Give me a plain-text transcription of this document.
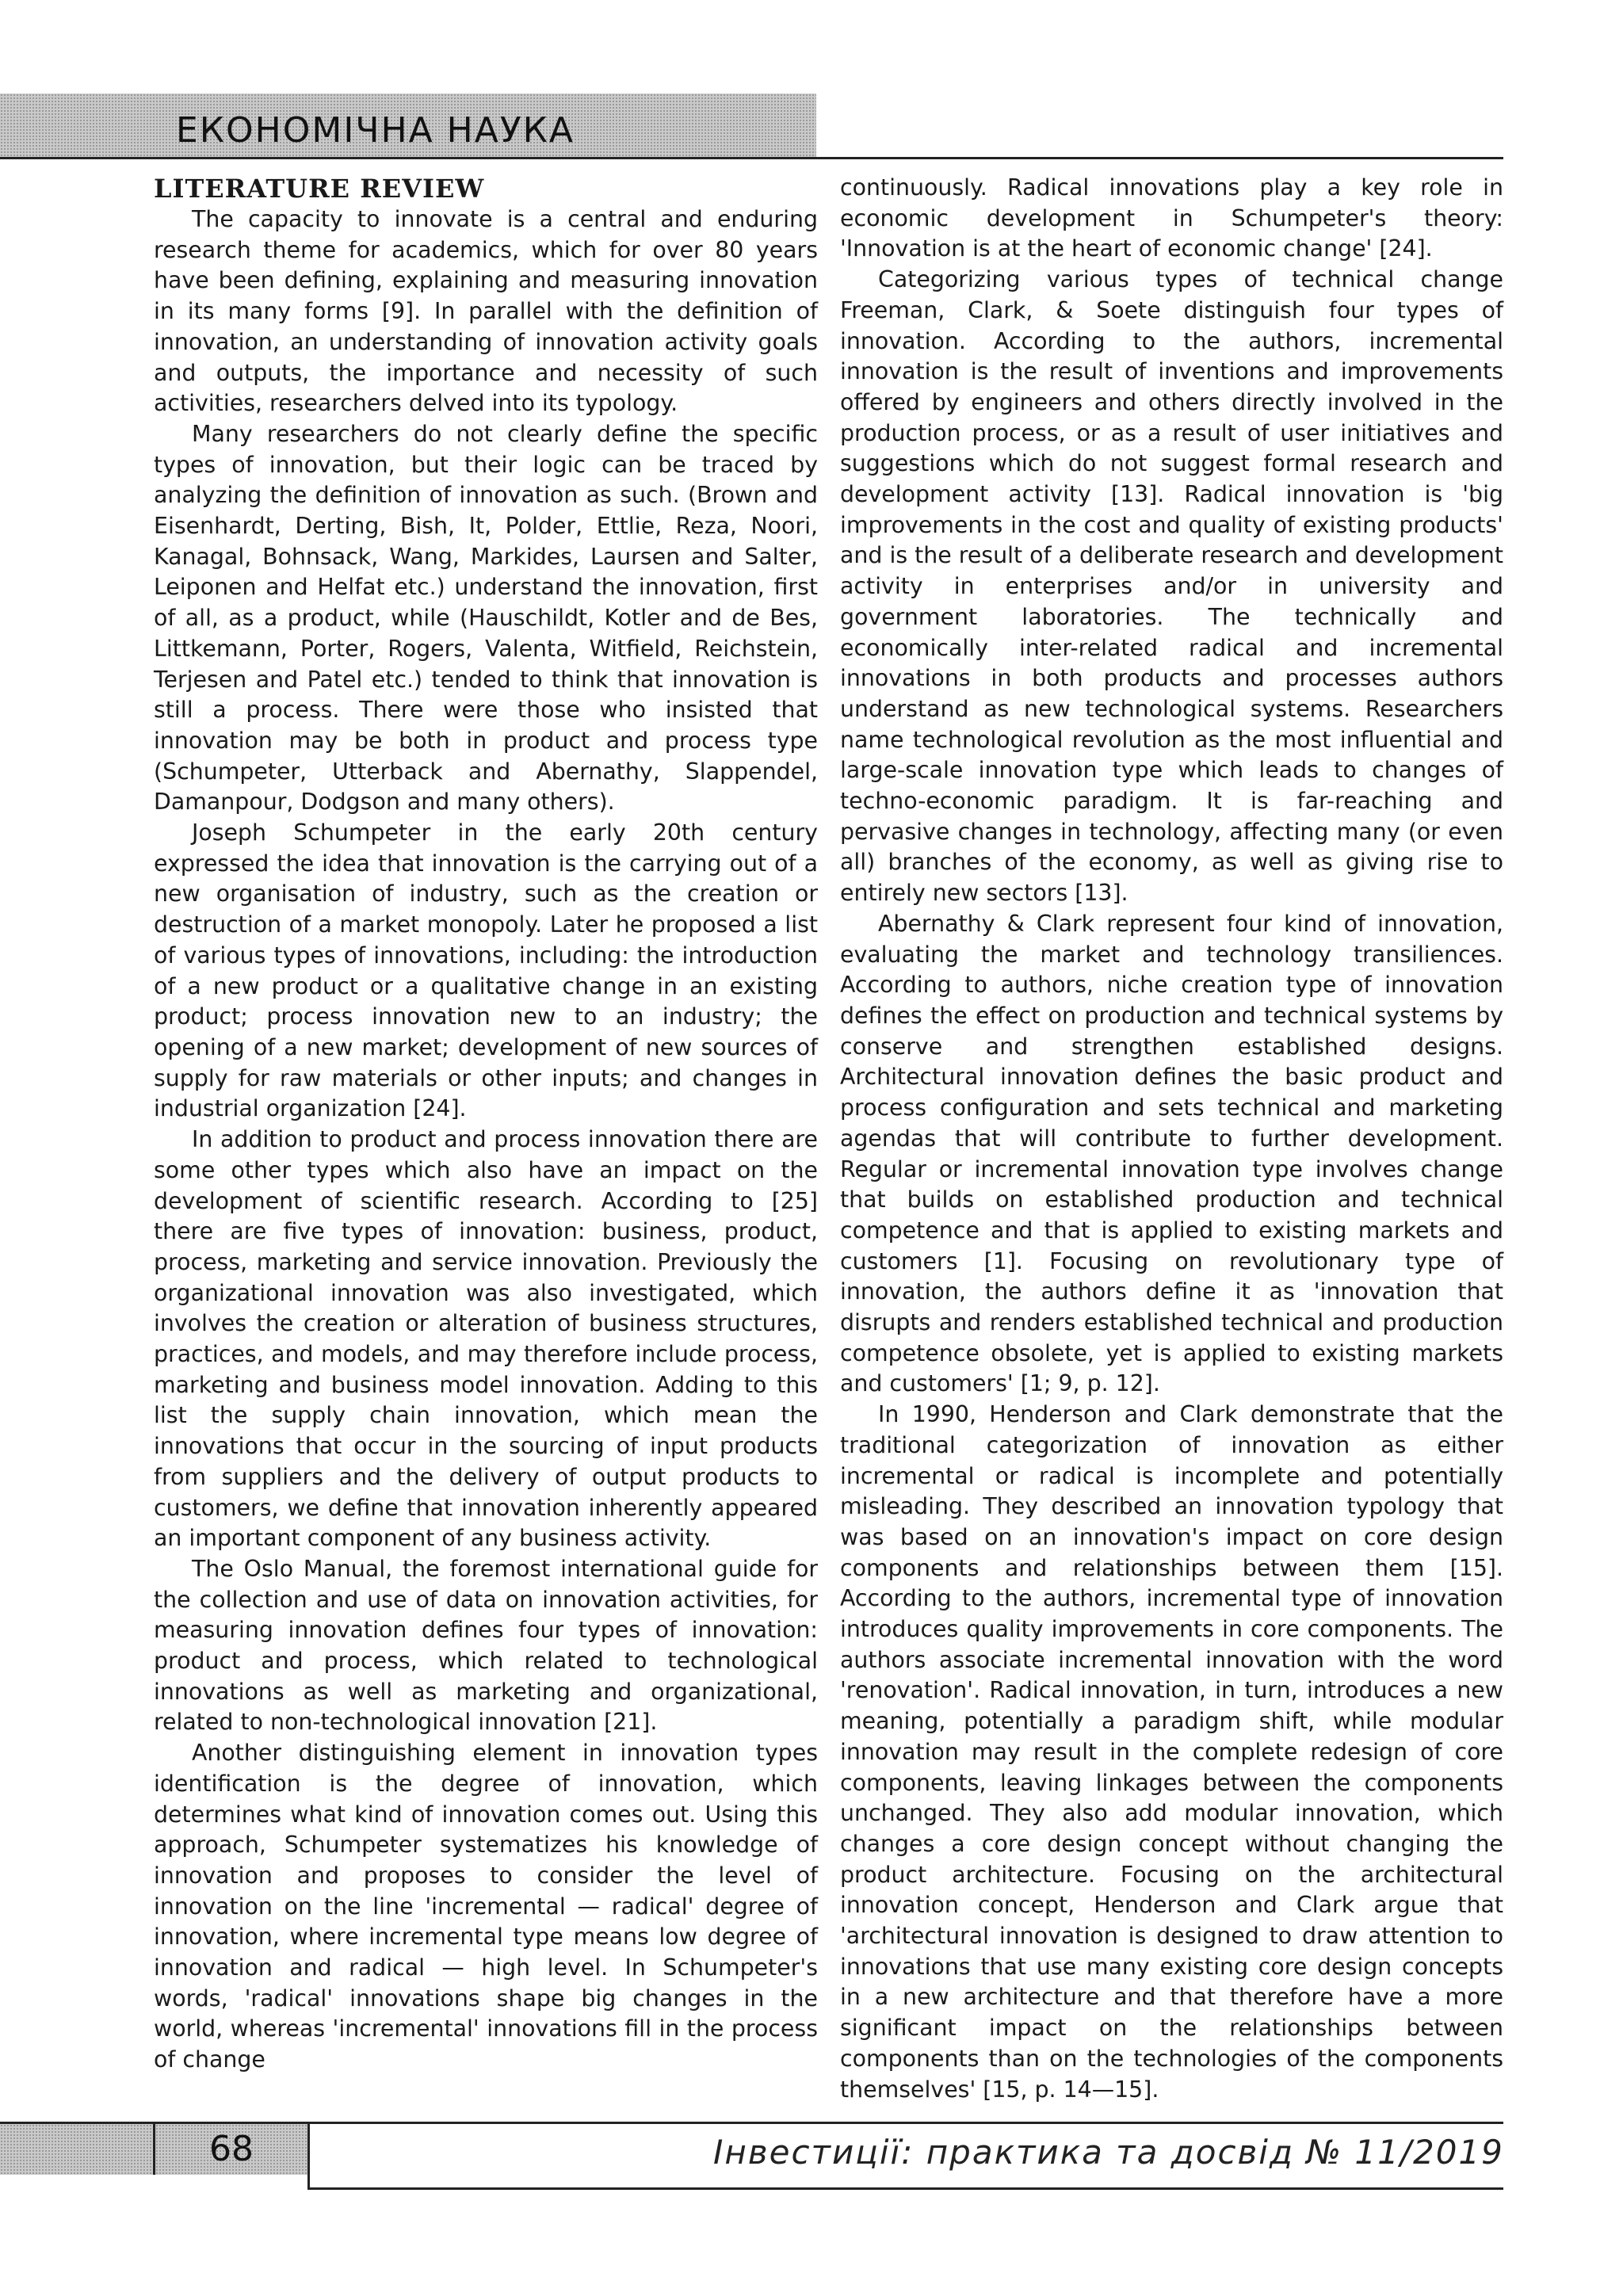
ЕКОНОМІЧНА НАУКА
LITERATURE REVIEW

The capacity to innovate is a central and enduring research theme for academics, which for over 80 years have been defining, explaining and measuring innovation in its many forms [9]. In parallel with the definition of innovation, an understanding of innovation activity goals and outputs, the importance and necessity of such activities, researchers delved into its typology.

Many researchers do not clearly define the specific types of innovation, but their logic can be traced by analyzing the definition of innovation as such. (Brown and Eisenhardt, Derting, Bish, It, Polder, Ettlie, Reza, Noori, Kanagal, Bohnsack, Wang, Markides, Laursen and Salter, Leiponen and Helfat etc.) understand the innovation, first of all, as a product, while (Hauschildt, Kotler and de Bes, Littkemann, Porter, Rogers, Valenta, Witfield, Reichstein, Terjesen and Patel etc.) tended to think that innovation is still a process. There were those who insisted that innovation may be both in product and process type (Schumpeter, Utterback and Abernathy, Slappendel, Damanpour, Dodgson and many others).

Joseph Schumpeter in the early 20th century expressed the idea that innovation is the carrying out of a new organisation of industry, such as the creation or destruction of a market monopoly. Later he proposed a list of various types of innovations, including: the introduction of a new product or a qualitative change in an existing product; process innovation new to an industry; the opening of a new market; development of new sources of supply for raw materials or other inputs; and changes in industrial organization [24].

In addition to product and process innovation there are some other types which also have an impact on the development of scientific research. According to [25] there are five types of innovation: business, product, process, marketing and service innovation. Previously the organizational innovation was also investigated, which involves the creation or alteration of business structures, practices, and models, and may therefore include process, marketing and business model innovation. Adding to this list the supply chain innovation, which mean the innovations that occur in the sourcing of input products from suppliers and the delivery of output products to customers, we define that innovation inherently appeared an important component of any business activity.

The Oslo Manual, the foremost international guide for the collection and use of data on innovation activities, for measuring innovation defines four types of innovation: product and process, which related to technological innovations as well as marketing and organizational, related to non-technological innovation [21].

Another distinguishing element in innovation types identification is the degree of innovation, which determines what kind of innovation comes out. Using this approach, Schumpeter systematizes his knowledge of innovation and proposes to consider the level of innovation on the line 'incremental — radical' degree of innovation, where incremental type means low degree of innovation and radical — high level. In Schumpeter's words, 'radical' innovations shape big changes in the world, whereas 'incremental' innovations fill in the process of change

continuously. Radical innovations play a key role in economic development in Schumpeter's theory: 'Innovation is at the heart of economic change' [24].

Categorizing various types of technical change Freeman, Clark, & Soete distinguish four types of innovation. According to the authors, incremental innovation is the result of inventions and improvements offered by engineers and others directly involved in the production process, or as a result of user initiatives and suggestions which do not suggest formal research and development activity [13]. Radical innovation is 'big improvements in the cost and quality of existing products' and is the result of a deliberate research and development activity in enterprises and/or in university and government laboratories. The technically and economically inter-related radical and incremental innovations in both products and processes authors understand as new technological systems. Researchers name technological revolution as the most influential and large-scale innovation type which leads to changes of techno-economic paradigm. It is far-reaching and pervasive changes in technology, affecting many (or even all) branches of the economy, as well as giving rise to entirely new sectors [13].

Abernathy & Clark represent four kind of innovation, evaluating the market and technology transiliences. According to authors, niche creation type of innovation defines the effect on production and technical systems by conserve and strengthen established designs. Architectural innovation defines the basic product and process configuration and sets technical and marketing agendas that will contribute to further development. Regular or incremental innovation type involves change that builds on established production and technical competence and that is applied to existing markets and customers [1]. Focusing on revolutionary type of innovation, the authors define it as 'innovation that disrupts and renders established technical and production competence obsolete, yet is applied to existing markets and customers' [1; 9, p. 12].

In 1990, Henderson and Clark demonstrate that the traditional categorization of innovation as either incremental or radical is incomplete and potentially misleading. They described an innovation typology that was based on an innovation's impact on core design components and relationships between them [15]. According to the authors, incremental type of innovation introduces quality improvements in core components. The authors associate incremental innovation with the word 'renovation'. Radical innovation, in turn, introduces a new meaning, potentially a paradigm shift, while modular innovation may result in the complete redesign of core components, leaving linkages between the components unchanged. They also add modular innovation, which changes a core design concept without changing the product architecture. Focusing on the architectural innovation concept, Henderson and Clark argue that 'architectural innovation is designed to draw attention to innovations that use many existing core design concepts in a new architecture and that therefore have a more significant impact on the relationships between components than on the technologies of the components themselves' [15, p. 14—15].

68	Інвестиції: практика та досвід № 11/2019
